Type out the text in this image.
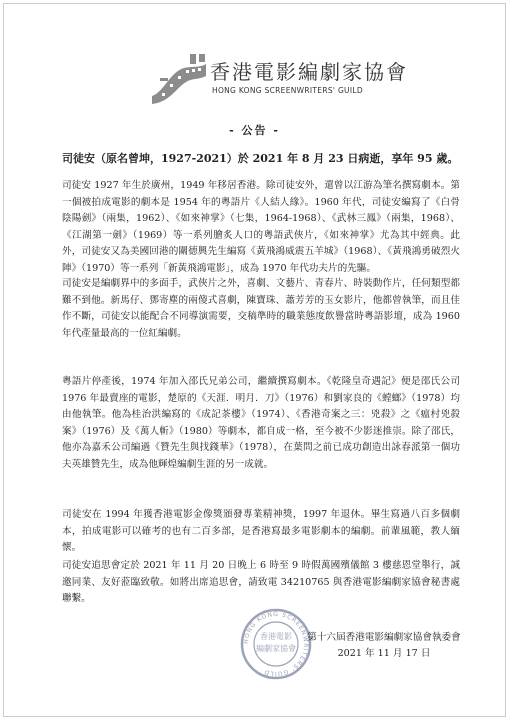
香港電影編劇家協會
HONG KONG SCREENWRITERS' GUILD
- 公告 -
司徒安（原名曾坤，1927-2021）於 2021 年 8 月 23 日病逝，享年 95 歲。

司徒安 1927 年生於廣州，1949 年移居香港。除司徒安外，還曾以江游為筆名撰寫劇本。第一個被拍成電影的劇本是 1954 年的粵語片《人結人緣》。1960 年代，司徒安編寫了《白骨陰陽劍》（兩集，1962）、《如來神掌》（七集，1964-1968）、《武林三鳳》（兩集，1968）、《江湖第一劍》（1969）等一系列膾炙人口的粵語武俠片，《如來神掌》尤為其中經典。此外，司徒安又為美國回港的關德興先生編寫《黃飛鴻威震五羊城》（1968）、《黃飛鴻勇破烈火陣》（1970）等一系列「新黃飛鴻電影」，成為 1970 年代功夫片的先驅。

司徒安是編劇界中的多面手，武俠片之外，喜劇、文藝片、青春片、時裝動作片，任何類型都難不到他。新馬仔、鄧寄塵的兩傻式喜劇，陳寶珠、蕭芳芳的玉女影片，他都曾執筆，而且佳作不斷，司徒安以能配合不同導演需要，交稿準時的職業態度飲譽當時粵語影壇，成為 1960 年代產量最高的一位紅編劇。

粵語片停產後，1974 年加入邵氏兄弟公司，繼續撰寫劇本。《乾隆皇奇遇記》便是邵氏公司 1976 年最賣座的電影，楚原的《天涯．明月．刀》（1976）和劉家良的《螳螂》（1978）均由他執筆。他為桂治洪編寫的《成記茶樓》（1974）、《香港奇案之三：兇殺》之《瘟村兇殺案》（1976）及《萬人斬》（1980）等劇本，都自成一格，至今被不少影迷推崇。除了邵氏，他亦為嘉禾公司編過《贊先生與找錢華》（1978），在葉問之前已成功創造出詠春派第一個功夫英雄贊先生，成為他輝煌編劇生涯的另一成就。

司徒安在 1994 年獲香港電影金像獎頒發專業精神獎，1997 年退休。畢生寫過八百多個劇本，拍成電影可以確考的也有二百多部，是香港寫最多電影劇本的編劇。前輩風範，教人緬懷。

司徒安追思會定於 2021 年 11 月 20 日晚上 6 時至 9 時假萬國殯儀館 3 樓慈恩堂舉行，誠邀同業、友好蒞臨致敬。如將出席追思會，請致電 34210765 與香港電影編劇家協會秘書處聯繫。

HONG KONG SCREENWRITERS' GUILD
香港電影
編劇家協會
第十六屆香港電影編劇家協會執委會
2021 年 11 月 17 日
